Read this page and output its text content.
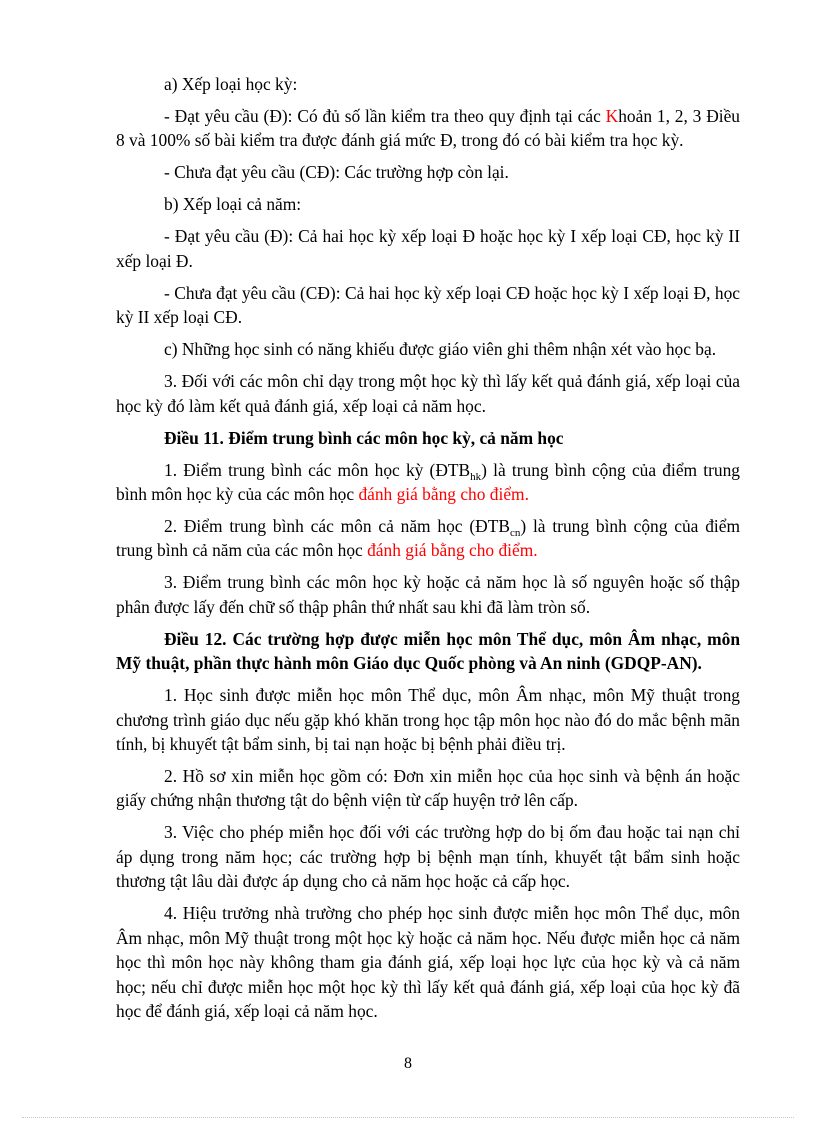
a) Xếp loại học kỳ:

- Đạt yêu cầu (Đ): Có đủ số lần kiểm tra theo quy định tại các Khoản 1, 2, 3 Điều 8 và 100% số bài kiểm tra được đánh giá mức Đ, trong đó có bài kiểm tra học kỳ.

- Chưa đạt yêu cầu (CĐ): Các trường hợp còn lại.

b) Xếp loại cả năm:

- Đạt yêu cầu (Đ): Cả hai học kỳ xếp loại Đ hoặc học kỳ I xếp loại CĐ, học kỳ II xếp loại Đ.

- Chưa đạt yêu cầu (CĐ): Cả hai học kỳ xếp loại CĐ hoặc học kỳ I xếp loại Đ, học kỳ II xếp loại CĐ.

c) Những học sinh có năng khiếu được giáo viên ghi thêm nhận xét vào học bạ.

3. Đối với các môn chỉ dạy trong một học kỳ thì lấy kết quả đánh giá, xếp loại của học kỳ đó làm kết quả đánh giá, xếp loại cả năm học.

Điều 11. Điểm trung bình các môn học kỳ, cả năm học

1. Điểm trung bình các môn học kỳ $(ĐTB_{hk})$ là trung bình cộng của điểm trung bình môn học kỳ của các môn học đánh giá bằng cho điểm.

2. Điểm trung bình các môn cả năm học $(ĐTB_{cn})$ là trung bình cộng của điểm trung bình cả năm của các môn học đánh giá bằng cho điểm.

3. Điểm trung bình các môn học kỳ hoặc cả năm học là số nguyên hoặc số thập phân được lấy đến chữ số thập phân thứ nhất sau khi đã làm tròn số.

Điều 12. Các trường hợp được miễn học môn Thể dục, môn Âm nhạc, môn Mỹ thuật, phần thực hành môn Giáo dục Quốc phòng và An ninh (GDQP-AN).

1. Học sinh được miễn học môn Thể dục, môn Âm nhạc, môn Mỹ thuật trong chương trình giáo dục nếu gặp khó khăn trong học tập môn học nào đó do mắc bệnh mãn tính, bị khuyết tật bẩm sinh, bị tai nạn hoặc bị bệnh phải điều trị.

2. Hồ sơ xin miễn học gồm có: Đơn xin miễn học của học sinh và bệnh án hoặc giấy chứng nhận thương tật do bệnh viện từ cấp huyện trở lên cấp.

3. Việc cho phép miễn học đối với các trường hợp do bị ốm đau hoặc tai nạn chỉ áp dụng trong năm học; các trường hợp bị bệnh mạn tính, khuyết tật bẩm sinh hoặc thương tật lâu dài được áp dụng cho cả năm học hoặc cả cấp học.

4. Hiệu trưởng nhà trường cho phép học sinh được miễn học môn Thể dục, môn Âm nhạc, môn Mỹ thuật trong một học kỳ hoặc cả năm học. Nếu được miễn học cả năm học thì môn học này không tham gia đánh giá, xếp loại học lực của học kỳ và cả năm học; nếu chỉ được miễn học một học kỳ thì lấy kết quả đánh giá, xếp loại của học kỳ đã học để đánh giá, xếp loại cả năm học.

8
